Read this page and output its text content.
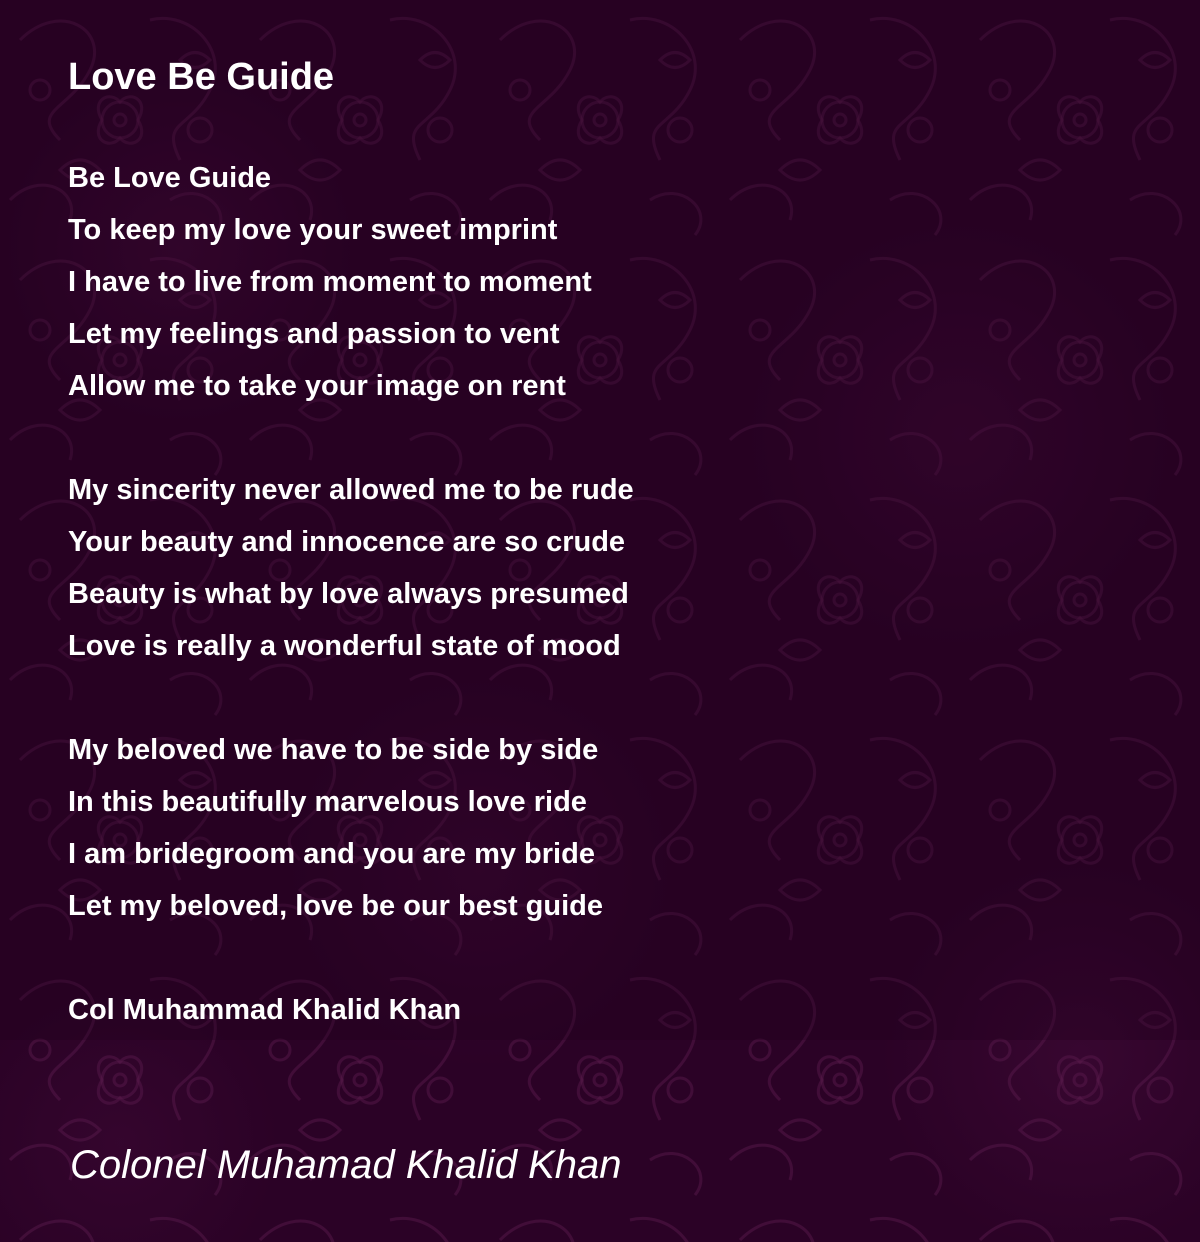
Love Be Guide
Be Love Guide
To keep my love your sweet imprint
I have to live from moment to moment
Let my feelings and passion to vent
Allow me to take your image on rent
My sincerity never allowed me to be rude
Your beauty and innocence are so crude
Beauty is what by love always presumed
Love is really a wonderful state of mood
My beloved we have to be side by side
In this beautifully marvelous love ride
I am bridegroom and you are my bride
Let my beloved, love be our best guide
Col Muhammad Khalid Khan
Colonel Muhamad Khalid Khan
